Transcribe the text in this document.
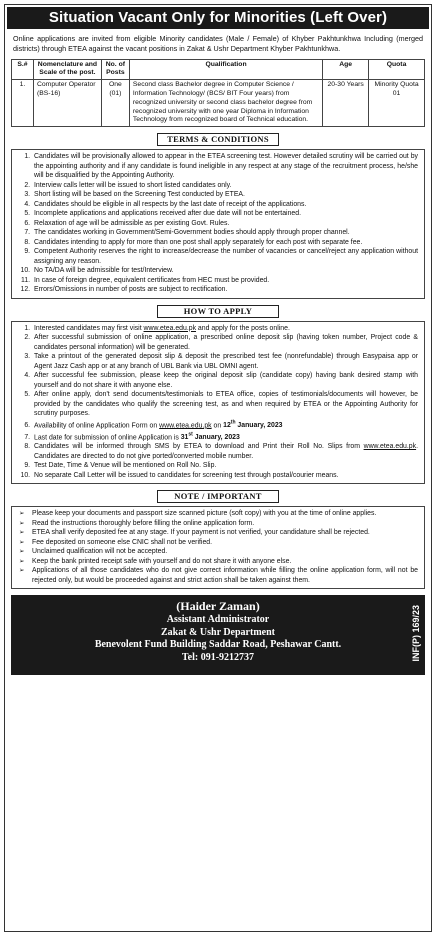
Situation Vacant Only for Minorities (Left Over)
Online applications are invited from eligible Minority candidates (Male / Female) of Khyber Pakhtunkhwa Including (merged districts) through ETEA against the vacant positions in Zakat & Ushr Department Khyber Pakhtunkhwa.
S.#	Nomenclature and Scale of the post.	No. of Posts	Qualification	Age	Quota
1.	Computer Operator (BS-16)	One (01)	Second class Bachelor degree in Computer Science / Information Technology/ (BCS/ BIT Four years) from recognized university or second class bachelor degree from recognized university with one year Diploma in Information Technology from recognized board of Technical education.	20-30 Years	Minority Quota 01
TERMS & CONDITIONS
1. Candidates will be provisionally allowed to appear in the ETEA screening test. However detailed scrutiny will be carried out by the appointing authority and if any candidate is found ineligible in any respect at any stage of the recruitment process, he/she will be disqualified by the Appointing Authority.
2. Interview calls letter will be issued to short listed candidates only.
3. Short listing will be based on the Screening Test conducted by ETEA.
4. Candidates should be eligible in all respects by the last date of receipt of the applications.
5. Incomplete applications and applications received after due date will not be entertained.
6. Relaxation of age will be admissible as per existing Govt. Rules.
7. The candidates working in Government/Semi-Government bodies should apply through proper channel.
8. Candidates intending to apply for more than one post shall apply separately for each post with separate fee.
9. Competent Authority reserves the right to increase/decrease the number of vacancies or cancel/reject any application without assigning any reason.
10. No TA/DA will be admissible for test/Interview.
11. In case of foreign degree, equivalent certificates from HEC must be provided.
12. Errors/Omissions in number of posts are subject to rectification.
HOW TO APPLY
1. Interested candidates may first visit www.etea.edu.pk and apply for the posts online.
2. After successful submission of online application, a prescribed online deposit slip (having token number, Project code & candidates personal information) will be generated.
3. Take a printout of the generated deposit slip & deposit the prescribed test fee (nonrefundable) through Easypaisa app or Agent Jazz Cash app or at any branch of UBL Bank via UBL OMNI agent.
4. After successful fee submission, please keep the original deposit slip (candidate copy) having bank desired stamp with yourself and do not share it with anyone else.
5. After online apply, don't send documents/testimonials to ETEA office, copies of testimonials/documents will however, be provided by the candidates who qualify the screening test, as and when required by ETEA or the Appointing Authority for scrutiny purposes.
6. Availability of online Application Form on www.etea.edu.pk on 12th January, 2023
7. Last date for submission of online Application is 31st January, 2023
8. Candidates will be informed through SMS by ETEA to download and Print their Roll No. Slips from www.etea.edu.pk. Candidates are directed to do not give ported/converted mobile number.
9. Test Date, Time & Venue will be mentioned on Roll No. Slip.
10. No separate Call Letter will be issued to candidates for screening test through postal/courier means.
NOTE / IMPORTANT
➢ Please keep your documents and passport size scanned picture (soft copy) with you at the time of online applies.
➢ Read the instructions thoroughly before filling the online application form.
➢ ETEA shall verify deposited fee at any stage. If your payment is not verified, your candidature shall be rejected.
➢ Fee deposited on someone else CNIC shall not be verified.
➢ Unclaimed qualification will not be accepted.
➢ Keep the bank printed receipt safe with yourself and do not share it with anyone else.
➢ Applications of all those candidates who do not give correct information while filling the online application form, will not be rejected only, but would be proceeded against and strict action shall be taken against them.
(Haider Zaman)
Assistant Administrator
Zakat & Ushr Department
Benevolent Fund Building Saddar Road, Peshawar Cantt.
Tel: 091-9212737	INF(P) 169/23
